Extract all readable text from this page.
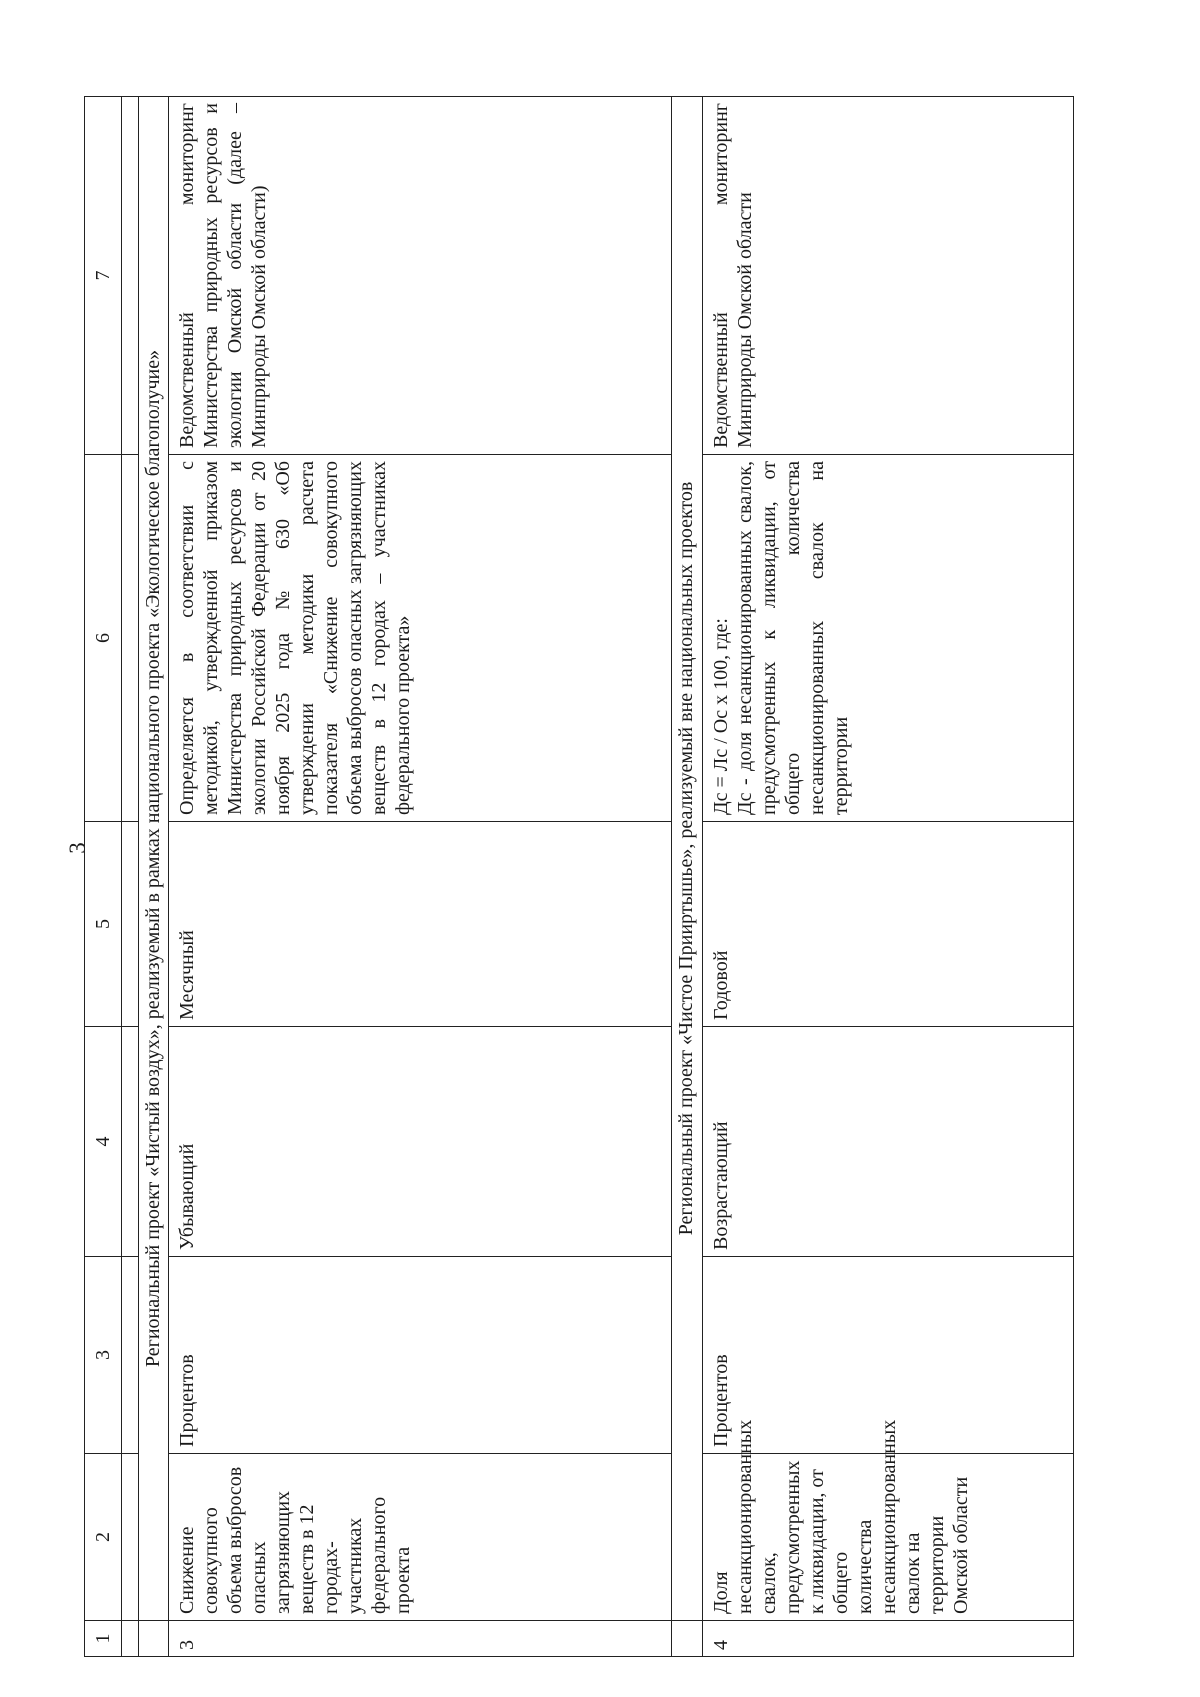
3
1	2	3	4	5	6	7

	Региональный проект «Чистый воздух», реализуемый в рамках национального проекта «Экологическое благополучие»					
3	Снижение совокупного объема выбросов опасных загрязняющих веществ в 12 городах-участниках федерального проекта	Процентов	Убывающий	Месячный	Определяется в соответствии с методикой, утвержденной приказом Министерства природных ресурсов и экологии Российской Федерации от 20 ноября 2025 года № 630 «Об утверждении методики расчета показателя «Снижение совокупного объема выбросов опасных загрязняющих веществ в 12 городах – участниках федерального проекта»	Ведомственный мониторинг Министерства природных ресурсов и экологии Омской области (далее – Минприроды Омской области)
	Региональный проект «Чистое Прииртышье», реализуемый вне национальных проектов					
4	Доля несанкционированных свалок, предусмотренных к ликвидации, от общего количества несанкционированных свалок на территории Омской области	Процентов	Возрастающий	Годовой	Дс = Лс / Ос х 100, где: Дс - доля несанкционированных свалок, предусмотренных к ликвидации, от общего количества несанкционированных свалок на территории	Ведомственный мониторинг Минприроды Омской области
